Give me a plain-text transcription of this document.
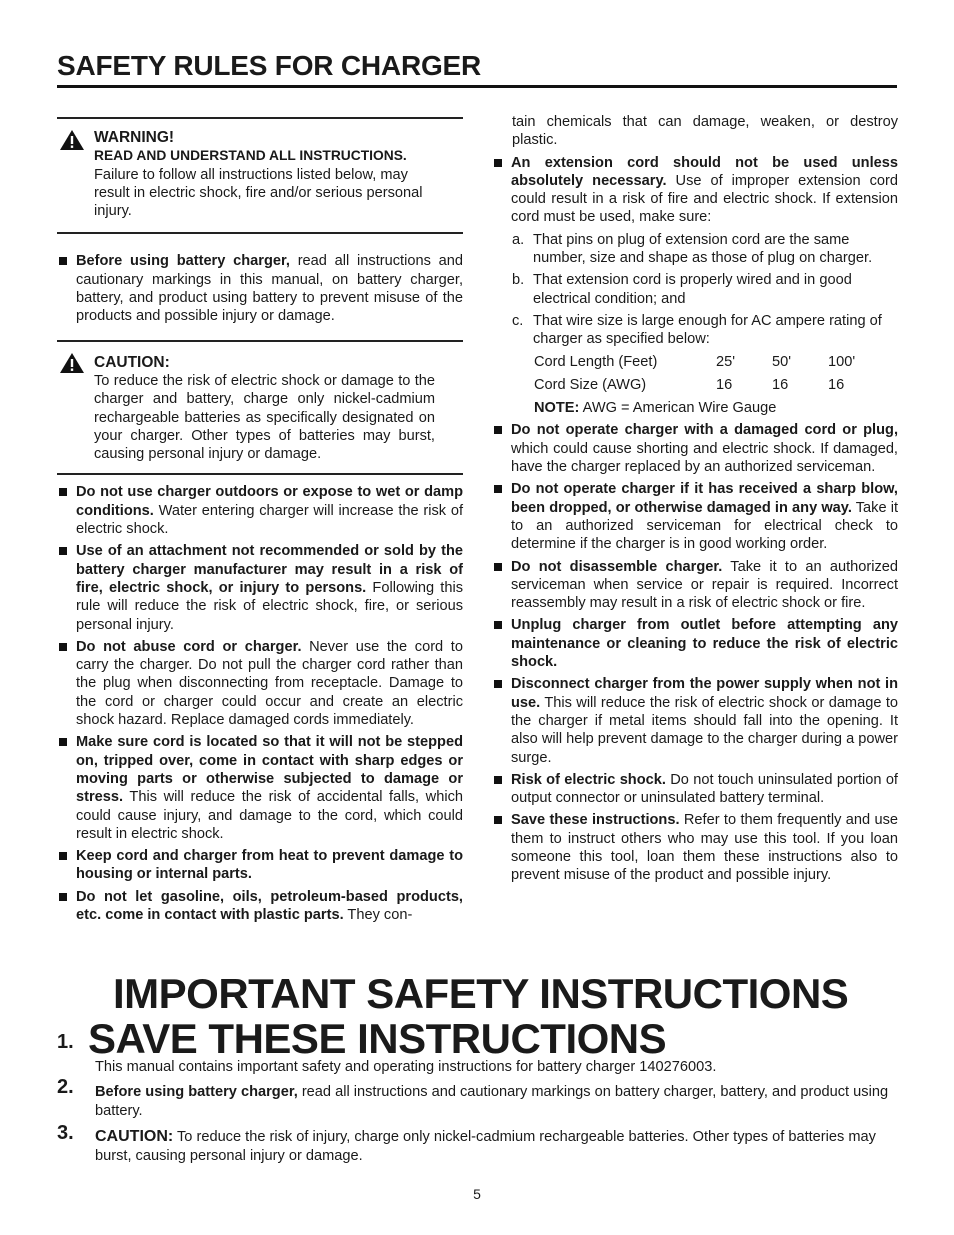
SAFETY RULES FOR CHARGER
WARNING!
READ AND UNDERSTAND ALL INSTRUCTIONS.
Failure to follow all instructions listed below, may result in electric shock, fire and/or serious personal injury.
Before using battery charger, read all instructions and cautionary markings in this manual, on battery charger, battery, and product using battery to prevent misuse of the products and possible injury or damage.
CAUTION:
To reduce the risk of electric shock or damage to the charger and battery, charge only nickel-cadmium rechargeable batteries as specifically designated on your charger. Other types of batteries may burst, causing personal injury or damage.
Do not use charger outdoors or expose to wet or damp conditions. Water entering charger will increase the risk of electric shock.
Use of an attachment not recommended or sold by the battery charger manufacturer may result in a risk of fire, electric shock, or injury to persons. Following this rule will reduce the risk of electric shock, fire, or serious personal injury.
Do not abuse cord or charger. Never use the cord to carry the charger. Do not pull the charger cord rather than the plug when disconnecting from receptacle. Damage to the cord or charger could occur and create an electric shock hazard. Replace damaged cords immediately.
Make sure cord is located so that it will not be stepped on, tripped over, come in contact with sharp edges or moving parts or otherwise subjected to damage or stress. This will reduce the risk of accidental falls, which could cause injury, and damage to the cord, which could result in electric shock.
Keep cord and charger from heat to prevent damage to housing or internal parts.
Do not let gasoline, oils, petroleum-based products, etc. come in contact with plastic parts. They con-
tain chemicals that can damage, weaken, or destroy plastic.
An extension cord should not be used unless absolutely necessary. Use of improper extension cord could result in a risk of fire and electric shock. If extension cord must be used, make sure:
a. That pins on plug of extension cord are the same number, size and shape as those of plug on charger.
b. That extension cord is properly wired and in good electrical condition; and
c. That wire size is large enough for AC ampere rating of charger as specified below:
Cord Length (Feet)	25'	50'	100'
Cord Size (AWG)	16	16	16
NOTE: AWG = American Wire Gauge
Do not operate charger with a damaged cord or plug, which could cause shorting and electric shock. If damaged, have the charger replaced by an authorized serviceman.
Do not operate charger if it has received a sharp blow, been dropped, or otherwise damaged in any way. Take it to an authorized serviceman for electrical check to determine if the charger is in good working order.
Do not disassemble charger. Take it to an authorized serviceman when service or repair is required. Incorrect reassembly may result in a risk of electric shock or fire.
Unplug charger from outlet before attempting any maintenance or cleaning to reduce the risk of electric shock.
Disconnect charger from the power supply when not in use. This will reduce the risk of electric shock or damage to the charger if metal items should fall into the opening. It also will help prevent damage to the charger during a power surge.
Risk of electric shock. Do not touch uninsulated portion of output connector or uninsulated battery terminal.
Save these instructions. Refer to them frequently and use them to instruct others who may use this tool. If you loan someone this tool, loan them these instructions also to prevent misuse of the product and possible injury.
IMPORTANT SAFETY INSTRUCTIONS
1. SAVE THESE INSTRUCTIONS
This manual contains important safety and operating instructions for battery charger 140276003.
2. Before using battery charger, read all instructions and cautionary markings on battery charger, battery, and product using battery.
3. CAUTION: To reduce the risk of injury, charge only nickel-cadmium rechargeable batteries. Other types of batteries may burst, causing personal injury or damage.
5
